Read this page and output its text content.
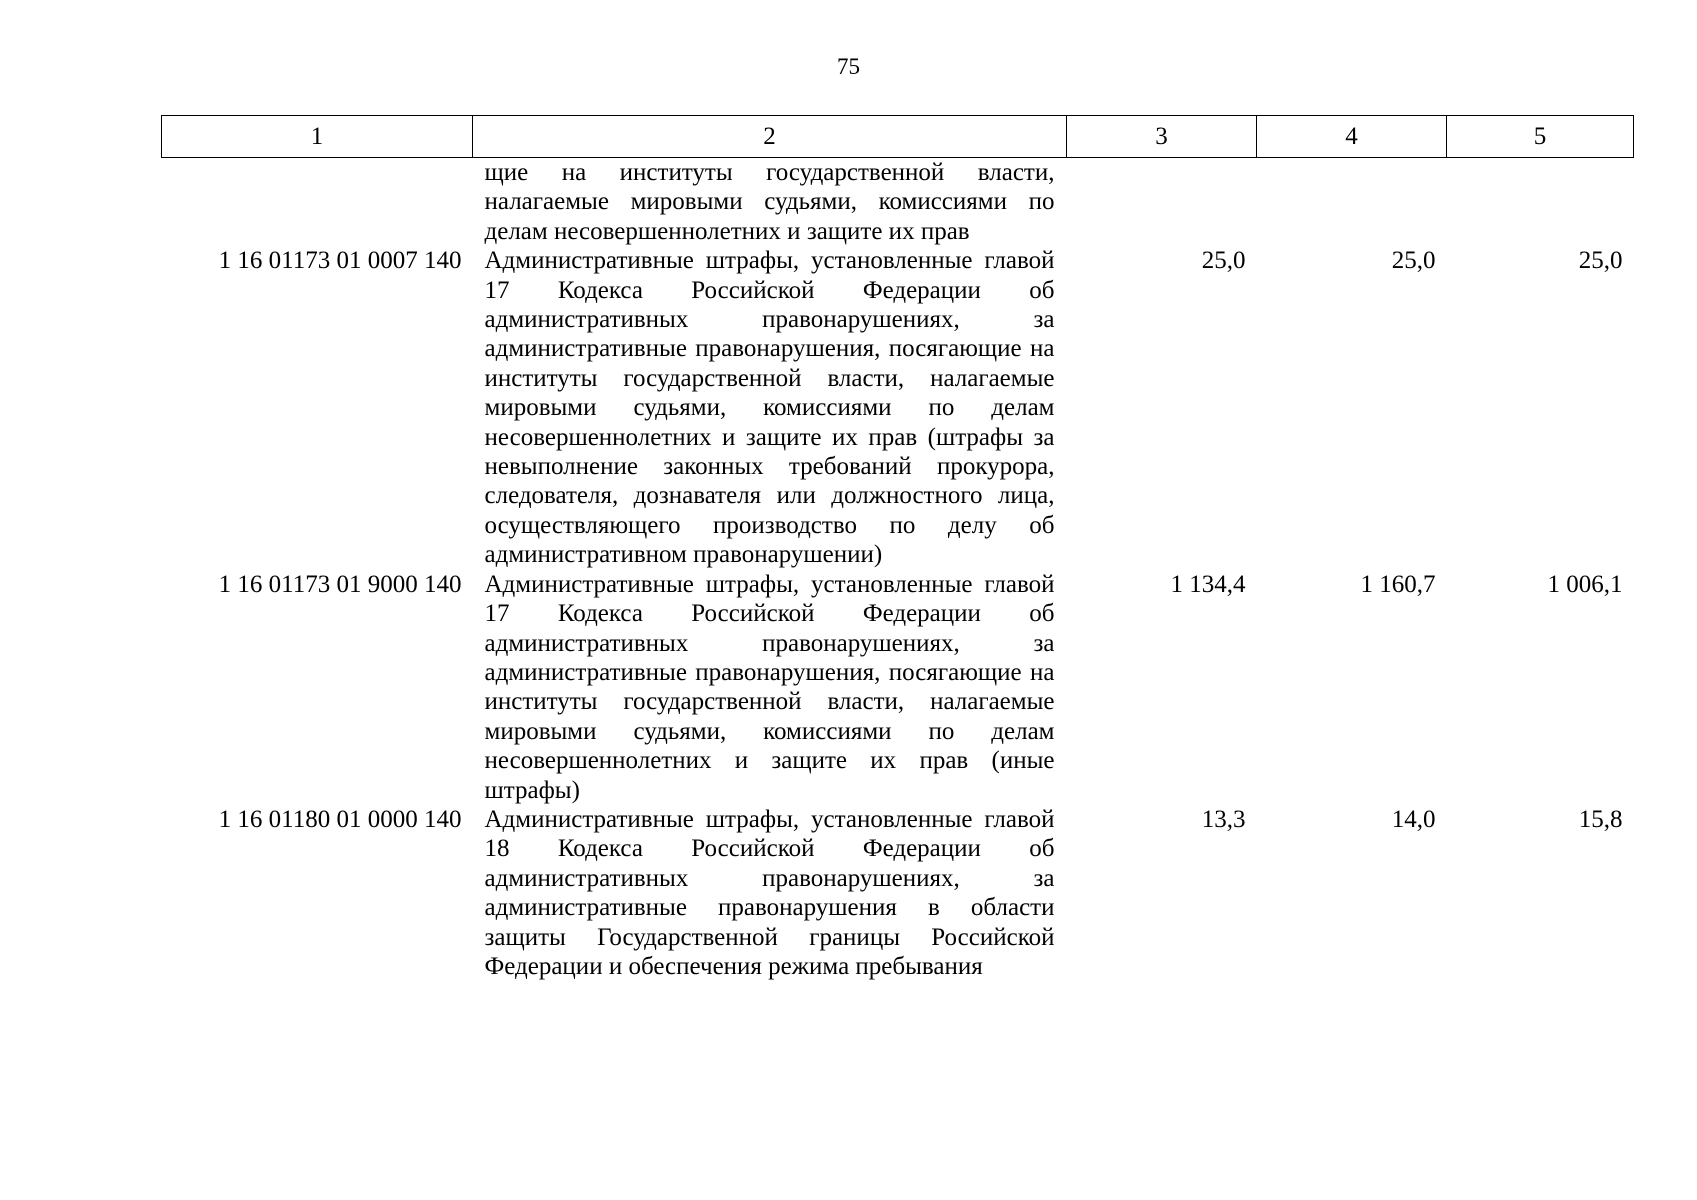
75
1	2	3	4	5
	щие на институты государственной власти, налагаемые мировыми судьями, комиссиями по делам несовершеннолетних и защите их прав			
1 16 01173 01 0007 140	Административные штрафы, установленные главой 17 Кодекса Российской Федерации об административных правонарушениях, за административные правонарушения, посягающие на институты государственной власти, налагаемые мировыми судьями, комиссиями по делам несовершеннолетних и защите их прав (штрафы за невыполнение законных требований прокурора, следователя, дознавателя или должностного лица, осуществляющего производство по делу об административном правонарушении)	25,0	25,0	25,0
1 16 01173 01 9000 140	Административные штрафы, установленные главой 17 Кодекса Российской Федерации об административных правонарушениях, за административные правонарушения, посягающие на институты государственной власти, налагаемые мировыми судьями, комиссиями по делам несовершеннолетних и защите их прав (иные штрафы)	1 134,4	1 160,7	1 006,1
1 16 01180 01 0000 140	Административные штрафы, установленные главой 18 Кодекса Российской Федерации об административных правонарушениях, за административные правонарушения в области защиты Государственной границы Российской Федерации и обеспечения режима пребывания	13,3	14,0	15,8
